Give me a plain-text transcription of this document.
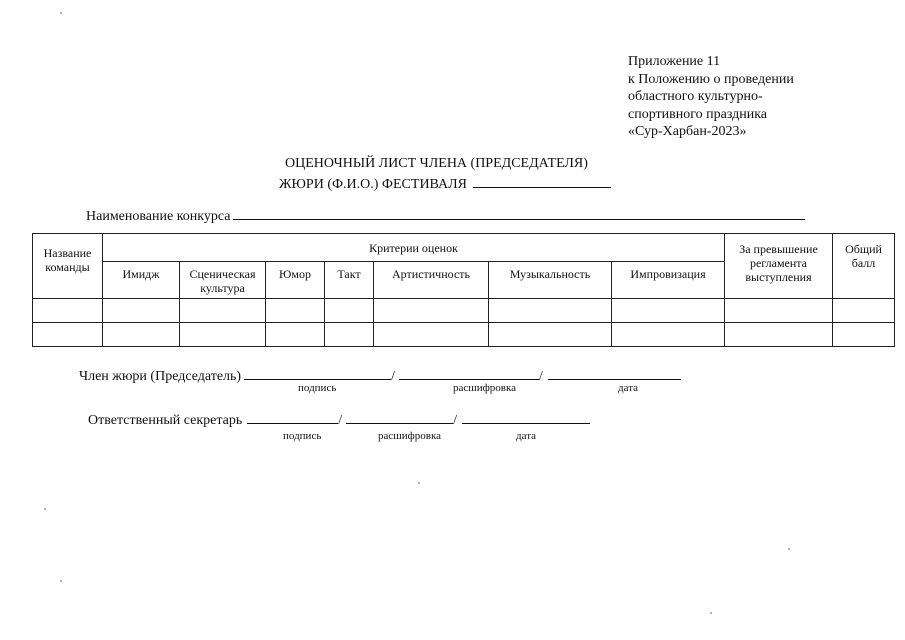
Приложение 11
к Положению о проведении
областного культурно-
спортивного праздника
«Сур-Харбан-2023»
ОЦЕНОЧНЫЙ ЛИСТ ЧЛЕНА (ПРЕДСЕДАТЕЛЯ)
ЖЮРИ (Ф.И.О.) ФЕСТИВАЛЯ
Наименование конкурса
Название команды	Критерии оценок							За превышение регламента выступления	Общий балл
	Имидж	Сценическая культура	Юмор	Такт	Артистичность	Музыкальность	Импровизация		

Член жюри (Председатель)	/	/
подпись	расшифровка	дата
Ответственный секретарь	/	/
подпись	расшифровка	дата
